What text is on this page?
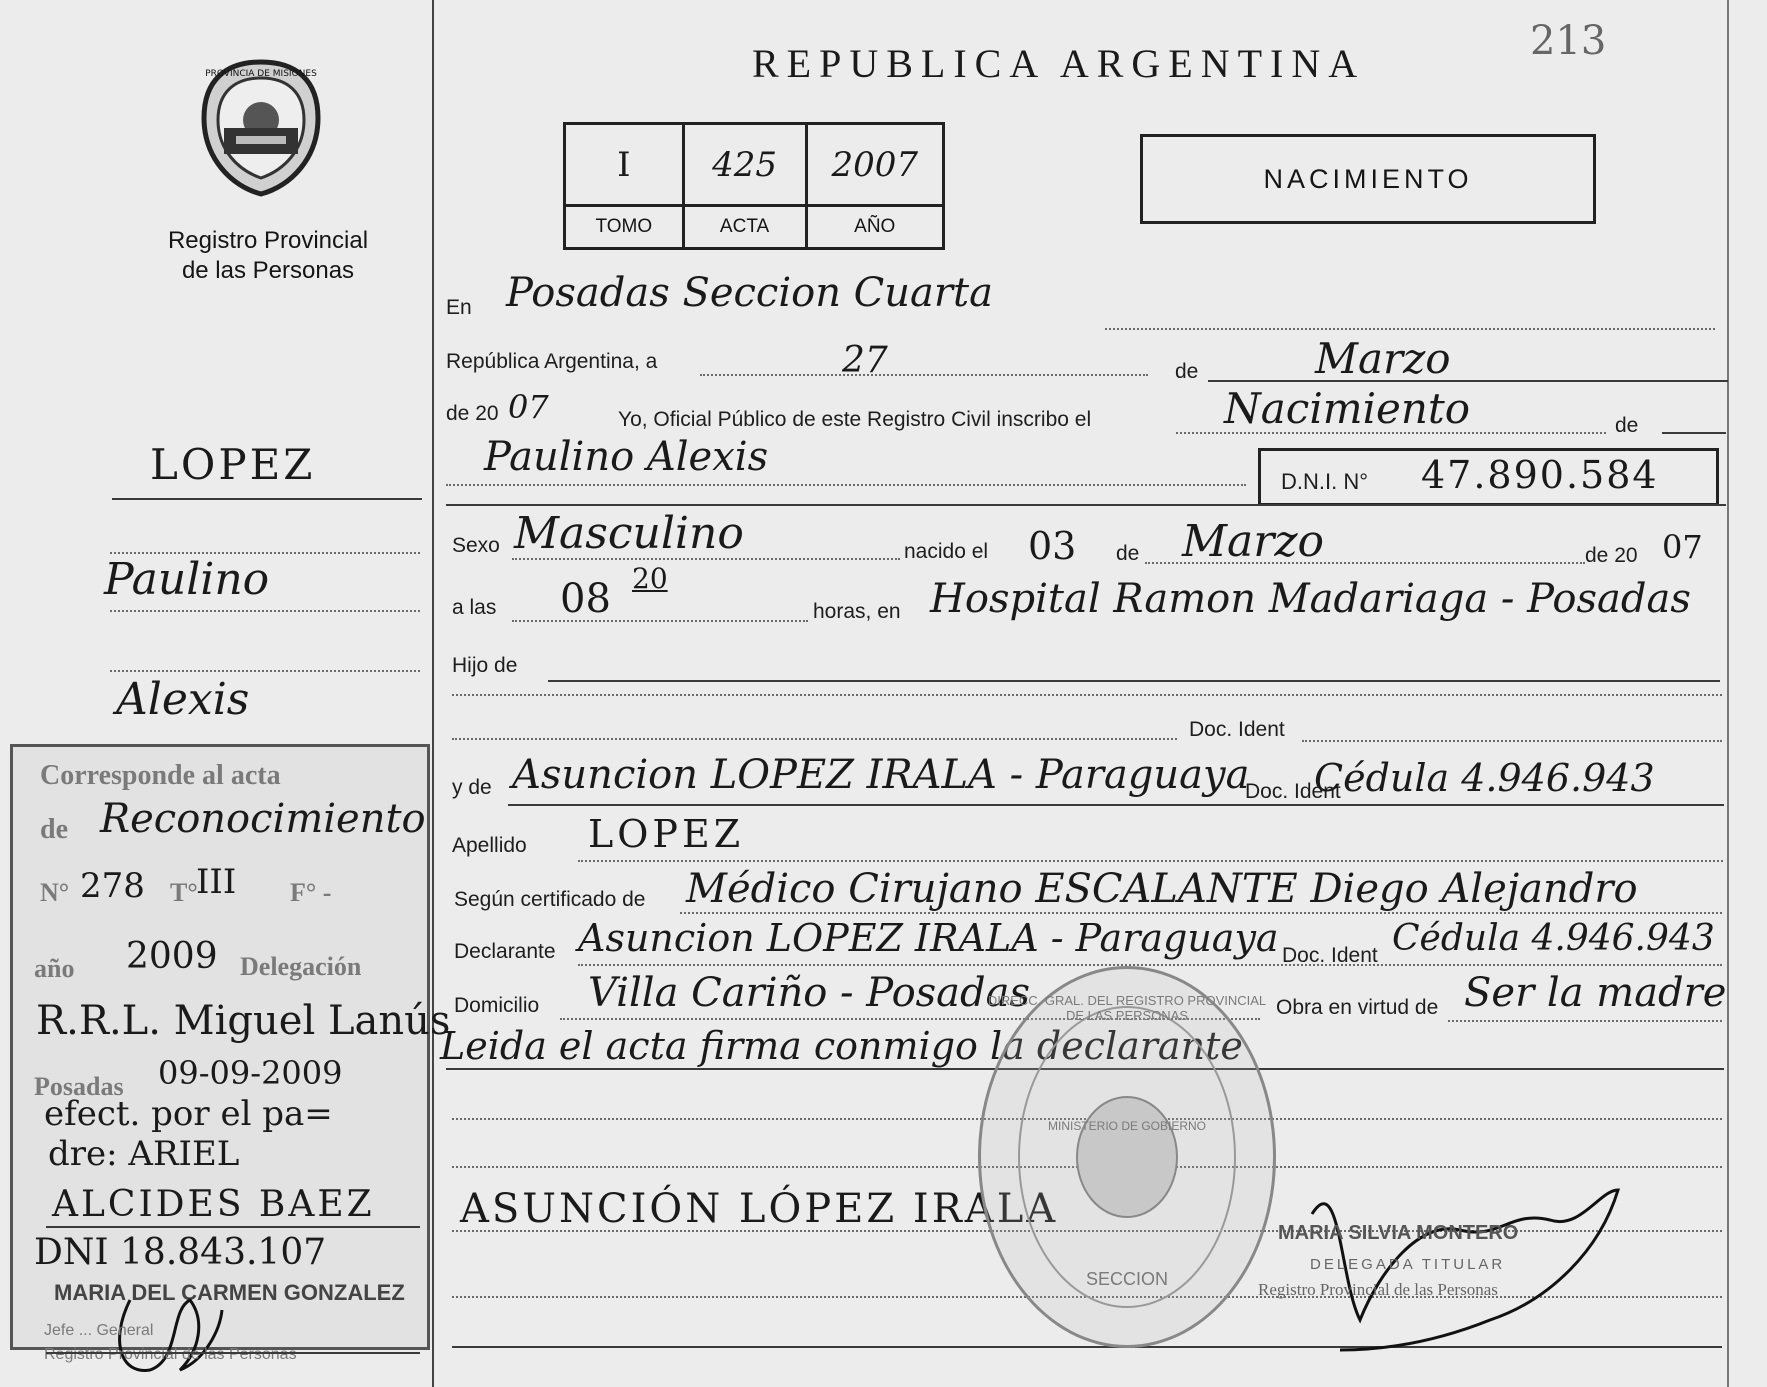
213
PROVINCIA DE MISIONES
Registro Provincial
de las Personas
REPUBLICA ARGENTINA
I	425	2007
TOMO	ACTA	AÑO
NACIMIENTO
En Posadas Seccion Cuarta
República Argentina, a	27	de	Marzo
de 20 07	Yo, Oficial Público de este Registro Civil inscribo el	Nacimiento	de
Paulino Alexis
D.N.I. N° 47.890.584
Sexo Masculino	nacido el 03 de Marzo	de 20 07
a las 08 20
horas, en Hospital Ramon Madariaga - Posadas
Hijo de
Doc. Ident
y de Asuncion LOPEZ IRALA - Paraguaya
Doc. Ident
Cédula 4.946.943
Apellido LOPEZ
Según certificado de Médico Cirujano ESCALANTE Diego Alejandro
Declarante Asuncion LOPEZ IRALA - Paraguaya Doc. Ident Cédula 4.946.943
Domicilio Villa Cariño - Posadas	Obra en virtud de Ser la madre
Leida el acta firma conmigo la declarante
ASUNCIÓN LÓPEZ IRALA
MINISTERIO DE GOBIERNO
DIRECC. GRAL. DEL REGISTRO PROVINCIAL DE LAS PERSONAS
SECCION
MARIA SILVIA MONTERO
DELEGADA TITULAR
Registro Provincial de las Personas
LOPEZ
Paulino
Alexis
Corresponde al acta
de Reconocimiento
N° 278 T°
III F° -
año 2009 Delegación
R.R.L. Miguel Lanús
Posadas 09-09-2009
efect. por el pa=
dre: ARIEL
ALCIDES BAEZ
DNI 18.843.107
MARIA DEL CARMEN GONZALEZ
Jefe ... General
Registro Provincial de las Personas
